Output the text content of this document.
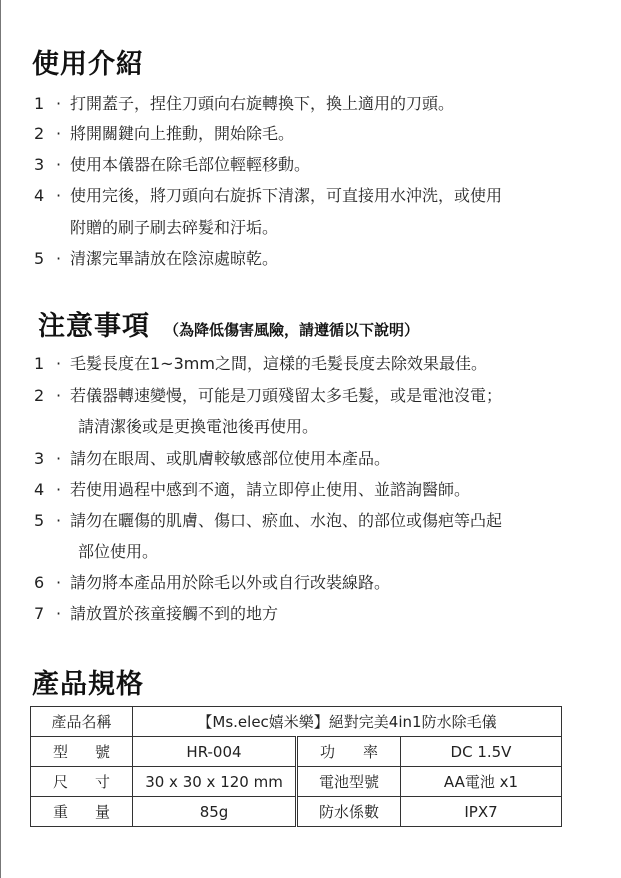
使用介紹
1 · 打開蓋子，捏住刀頭向右旋轉換下，換上適用的刀頭。
2 · 將開關鍵向上推動，開始除毛。
3 · 使用本儀器在除毛部位輕輕移動。
4 · 使用完後，將刀頭向右旋拆下清潔，可直接用水沖洗，或使用
附贈的刷子刷去碎髮和汙垢。
5 · 清潔完畢請放在陰涼處晾乾。
注意事項 （為降低傷害風險，請遵循以下說明）
1 · 毛髮長度在1~3mm之間，這樣的毛髮長度去除效果最佳。
2 · 若儀器轉速變慢，可能是刀頭殘留太多毛髮，或是電池沒電；
請清潔後或是更換電池後再使用。
3 · 請勿在眼周、或肌膚較敏感部位使用本產品。
4 · 若使用過程中感到不適，請立即停止使用、並諮詢醫師。
5 · 請勿在曬傷的肌膚、傷口、瘀血、水泡、的部位或傷疤等凸起
部位使用。
6 · 請勿將本產品用於除毛以外或自行改裝線路。
7 · 請放置於孩童接觸不到的地方
產品規格
產品名稱	【Ms.elec嬉米樂】絕對完美4in1防水除毛儀		

型 號	HR-004	功 率	DC 1.5V

尺 寸	30 x 30 x 120 mm	電池型號	AA電池 x1

重 量	85g	防水係數	IPX7
